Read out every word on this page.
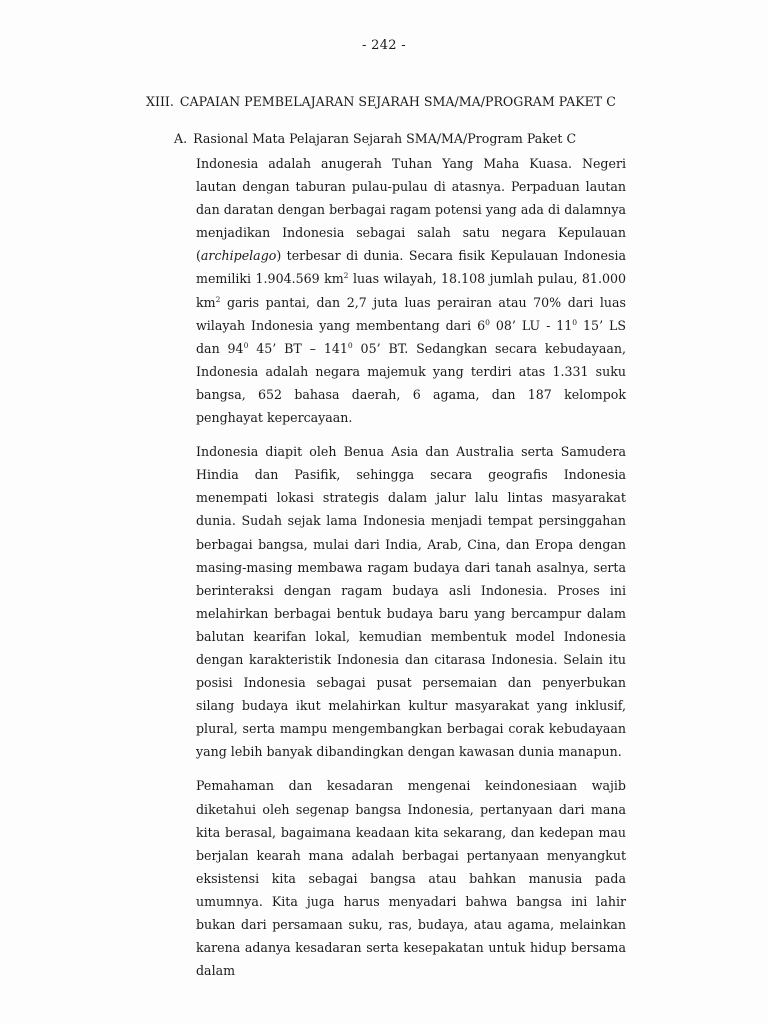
- 242 -
XIII. CAPAIAN PEMBELAJARAN SEJARAH SMA/MA/PROGRAM PAKET C
A. Rasional Mata Pelajaran Sejarah SMA/MA/Program Paket C

Indonesia adalah anugerah Tuhan Yang Maha Kuasa. Negeri lautan dengan taburan pulau-pulau di atasnya. Perpaduan lautan dan daratan dengan berbagai ragam potensi yang ada di dalamnya menjadikan Indonesia sebagai salah satu negara Kepulauan (archipelago) terbesar di dunia. Secara fisik Kepulauan Indonesia memiliki 1.904.569 $km^2$ luas wilayah, 18.108 jumlah pulau, 81.000 $km^2$ garis pantai, dan 2,7 juta luas perairan atau 70% dari luas wilayah Indonesia yang membentang dari $6^0$ 08’ LU - $11^0$ 15’ LS dan $94^0$ 45’ BT – $141^0$ 05’ BT. Sedangkan secara kebudayaan, Indonesia adalah negara majemuk yang terdiri atas 1.331 suku bangsa, 652 bahasa daerah, 6 agama, dan 187 kelompok penghayat kepercayaan.

Indonesia diapit oleh Benua Asia dan Australia serta Samudera Hindia dan Pasifik, sehingga secara geografis Indonesia menempati lokasi strategis dalam jalur lalu lintas masyarakat dunia. Sudah sejak lama Indonesia menjadi tempat persinggahan berbagai bangsa, mulai dari India, Arab, Cina, dan Eropa dengan masing-masing membawa ragam budaya dari tanah asalnya, serta berinteraksi dengan ragam budaya asli Indonesia. Proses ini melahirkan berbagai bentuk budaya baru yang bercampur dalam balutan kearifan lokal, kemudian membentuk model Indonesia dengan karakteristik Indonesia dan citarasa Indonesia. Selain itu posisi Indonesia sebagai pusat persemaian dan penyerbukan silang budaya ikut melahirkan kultur masyarakat yang inklusif, plural, serta mampu mengembangkan berbagai corak kebudayaan yang lebih banyak dibandingkan dengan kawasan dunia manapun.

Pemahaman dan kesadaran mengenai keindonesiaan wajib diketahui oleh segenap bangsa Indonesia, pertanyaan dari mana kita berasal, bagaimana keadaan kita sekarang, dan kedepan mau berjalan kearah mana adalah berbagai pertanyaan menyangkut eksistensi kita sebagai bangsa atau bahkan manusia pada umumnya. Kita juga harus menyadari bahwa bangsa ini lahir bukan dari persamaan suku, ras, budaya, atau agama, melainkan karena adanya kesadaran serta kesepakatan untuk hidup bersama dalam
